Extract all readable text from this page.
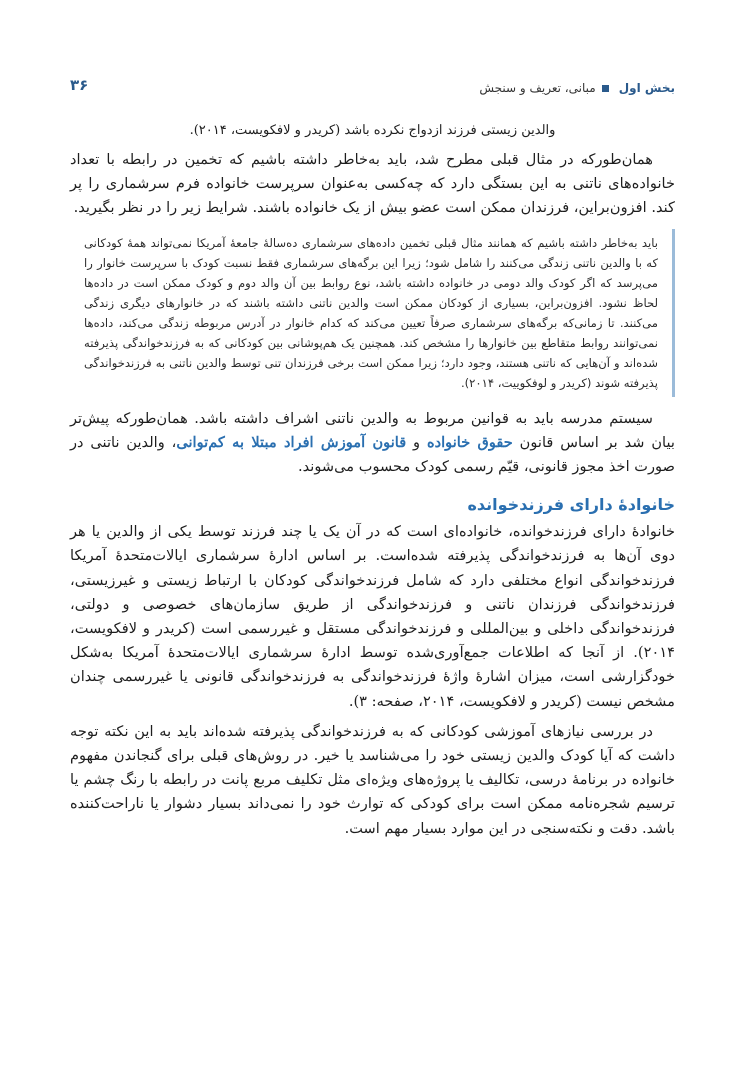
بخش اول
مبانی، تعریف و سنجش
۳۶

والدین زیستی فرزند ازدواج نکرده باشد (کریدر و لافکویست، ۲۰۱۴).

همان‌طورکه در مثال قبلی مطرح شد، باید به‌خاطر داشته باشیم که تخمین در رابطه با تعداد خانواده‌های ناتنی به این بستگی دارد که چه‌کسی به‌عنوان سرپرست خانواده فرم سرشماری را پر کند. افزون‌براین، فرزندان ممکن است عضو بیش از یک خانواده باشند. شرایط زیر را در نظر بگیرید.

باید به‌خاطر داشته باشیم که همانند مثال قبلی تخمین داده‌های سرشماری ده‌سالهٔ جامعهٔ آمریکا نمی‌تواند همهٔ کودکانی که با والدین ناتنی زندگی می‌کنند را شامل شود؛ زیرا این برگه‌های سرشماری فقط نسبت کودک با سرپرست خانوار را می‌پرسد که اگر کودک والد دومی در خانواده داشته باشد، نوع روابط بین آن والد دوم و کودک ممکن است در داده‌ها لحاظ نشود. افزون‌براین، بسیاری از کودکان ممکن است والدین ناتنی داشته باشند که در خانوارهای دیگری زندگی می‌کنند. تا زمانی‌که برگه‌های سرشماری صرفاً تعیین می‌کند که کدام خانوار در آدرس مربوطه زندگی می‌کند، داده‌ها نمی‌توانند روابط متقاطع بین خانوارها را مشخص کند. همچنین یک هم‌پوشانی بین کودکانی که به فرزندخواندگی پذیرفته شده‌اند و آن‌هایی که ناتنی هستند، وجود دارد؛ زیرا ممکن است برخی فرزندان تنی توسط والدین ناتنی به فرزندخواندگی پذیرفته شوند (کریدر و لوفکوییت، ۲۰۱۴).

سیستم مدرسه باید به قوانین مربوط به والدین ناتنی اشراف داشته باشد. همان‌طورکه پیش‌تر بیان شد بر اساس قانون حقوق خانواده و قانون آموزش افراد مبتلا به کم‌توانی، والدین ناتنی در صورت اخذ مجوز قانونی، قیّم رسمی کودک محسوب می‌شوند.

خانوادهٔ دارای فرزندخوانده

خانوادهٔ دارای فرزندخوانده، خانواده‌ای است که در آن یک یا چند فرزند توسط یکی از والدین یا هر دوی آن‌ها به فرزندخواندگی پذیرفته شده‌است. بر اساس ادارهٔ سرشماری ایالات‌متحدهٔ آمریکا فرزندخواندگی انواع مختلفی دارد که شامل فرزندخواندگی کودکان با ارتباط زیستی و غیرزیستی، فرزندخواندگی فرزندان ناتنی و فرزندخواندگی از طریق سازمان‌های خصوصی و دولتی، فرزندخواندگی داخلی و بین‌المللی و فرزندخواندگی مستقل و غیررسمی است (کریدر و لافکویست، ۲۰۱۴). از آنجا که اطلاعات جمع‌آوری‌شده توسط ادارهٔ سرشماری ایالات‌متحدهٔ آمریکا به‌شکل خودگزارشی است، میزان اشارهٔ واژهٔ فرزندخواندگی به فرزندخواندگی قانونی یا غیررسمی چندان مشخص نیست (کریدر و لافکویست، ۲۰۱۴، صفحه: ۳).

در بررسی نیازهای آموزشی کودکانی که به فرزندخواندگی پذیرفته شده‌اند باید به این نکته توجه داشت که آیا کودک والدین زیستی خود را می‌شناسد یا خیر. در روش‌های قبلی برای گنجاندن مفهوم خانواده در برنامهٔ درسی، تکالیف یا پروژه‌های ویژه‌ای مثل تکلیف مربع پانت در رابطه با رنگ چشم یا ترسیم شجره‌نامه ممکن است برای کودکی که توارث خود را نمی‌داند بسیار دشوار یا ناراحت‌کننده باشد. دقت و نکته‌سنجی در این موارد بسیار مهم است.
